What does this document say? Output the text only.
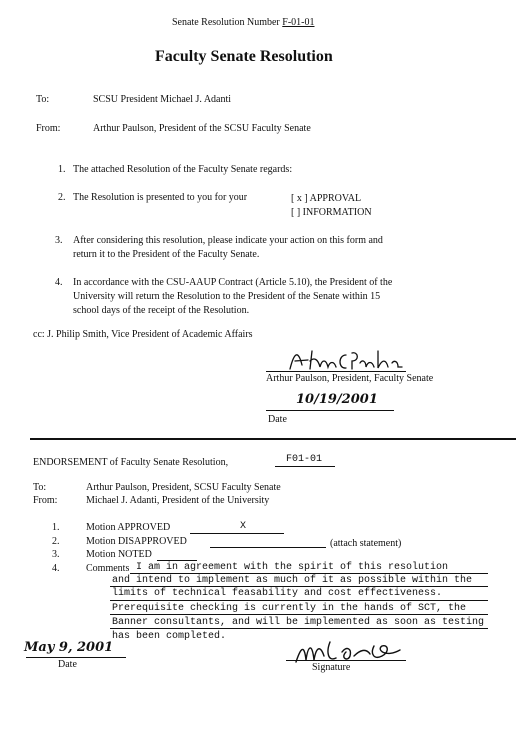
Senate Resolution Number F-01-01
Faculty Senate Resolution
To:	SCSU President Michael J. Adanti
From:	Arthur Paulson, President of the SCSU Faculty Senate
1. The attached Resolution of the Faculty Senate regards:
2. The Resolution is presented to you for your	[ x ] APPROVAL
[ ] INFORMATION
3. After considering this resolution, please indicate your action on this form and
return it to the President of the Faculty Senate.
4. In accordance with the CSU-AAUP Contract (Article 5.10), the President of the
University will return the Resolution to the President of the Senate within 15
school days of the receipt of the Resolution.
cc: J. Philip Smith, Vice President of Academic Affairs
Arthur Paulson, President, Faculty Senate
10/19/2001
Date
ENDORSEMENT of Faculty Senate Resolution,	F01-01
To:	Arthur Paulson, President, SCSU Faculty Senate
From:	Michael J. Adanti, President of the University
1.	Motion APPROVED	X
2.	Motion DISAPPROVED	(attach statement)
3.	Motion NOTED
4.	Comments I am in agreement with the spirit of this resolution
and intend to implement as much of it as possible within the
limits of technical feasability and cost effectiveness.
Prerequisite checking is currently in the hands of SCT, the
Banner consultants, and will be implemented as soon as testing
has been completed.
May 9, 2001
Date	Signature
